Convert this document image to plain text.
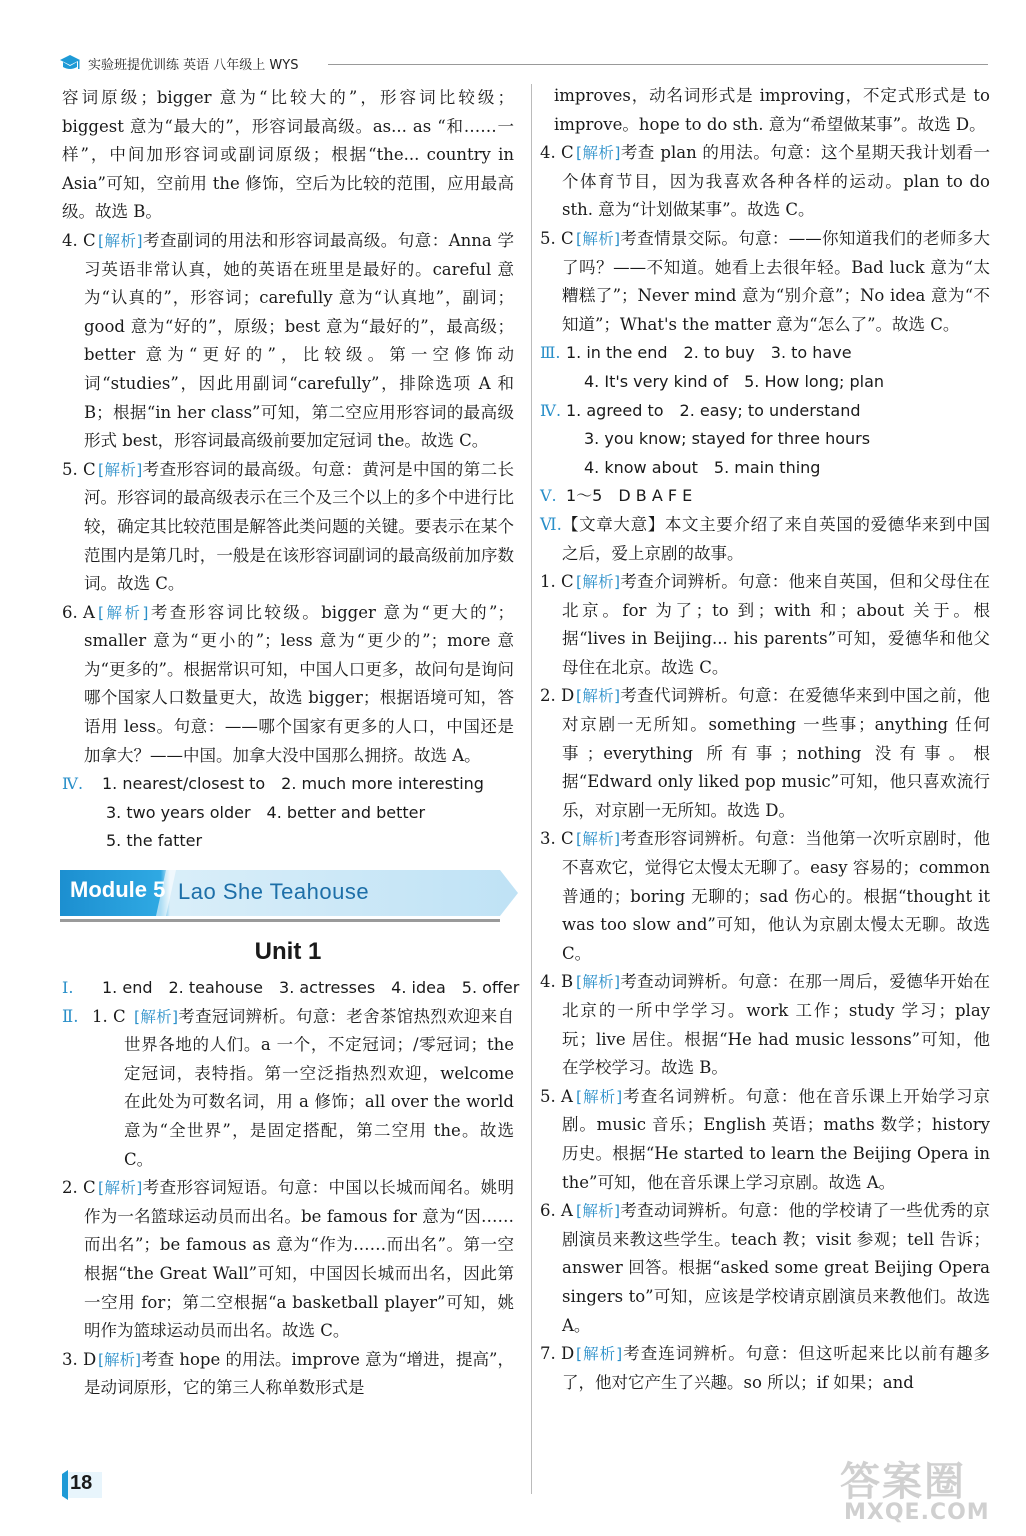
实验班提优训练 英语 八年级上 WYS

容词原级；bigger 意为“比较大的”，形容词比较级；biggest 意为“最大的”，形容词最高级。as... as “和……一样”，中间加形容词或副词原级；根据“the... country in Asia”可知，空前用 the 修饰，空后为比较的范围，应用最高级。故选 B。

4. C [解析]考查副词的用法和形容词最高级。句意：Anna 学习英语非常认真，她的英语在班里是最好的。careful 意为“认真的”，形容词；carefully 意为“认真地”，副词；good 意为“好的”，原级；best 意为“最好的”，最高级；better 意为“更好的”，比较级。第一空修饰动词“studies”，因此用副词“carefully”，排除选项 A 和 B；根据“in her class”可知，第二空应用形容词的最高级形式 best，形容词最高级前要加定冠词 the。故选 C。

5. C [解析]考查形容词的最高级。句意：黄河是中国的第二长河。形容词的最高级表示在三个及三个以上的多个中进行比较，确定其比较范围是解答此类问题的关键。要表示在某个范围内是第几时，一般是在该形容词副词的最高级前加序数词。故选 C。

6. A [解析]考查形容词比较级。bigger 意为“更大的”；smaller 意为“更小的”；less 意为“更少的”；more 意为“更多的”。根据常识可知，中国人口更多，故问句是询问哪个国家人口数量更大，故选 bigger；根据语境可知，答语用 less。句意：——哪个国家有更多的人口，中国还是加拿大？——中国。加拿大没中国那么拥挤。故选 A。

Ⅳ. 1. nearest/closest to　2. much more interesting
3. two years older　4. better and better
5. the fatter
Module 5 Lao She Teahouse
Unit 1
Ⅰ. 1. end　2. teahouse　3. actresses　4. idea　5. offer
Ⅱ. 1. C [解析]考查冠词辨析。句意：老舍茶馆热烈欢迎来自世界各地的人们。a 一个，不定冠词；/零冠词；the 定冠词，表特指。第一空泛指热烈欢迎，welcome 在此处为可数名词，用 a 修饰；all over the world 意为“全世界”，是固定搭配，第二空用 the。故选 C。

2. C [解析]考查形容词短语。句意：中国以长城而闻名。姚明作为一名篮球运动员而出名。be famous for 意为“因……而出名”；be famous as 意为“作为……而出名”。第一空根据“the Great Wall”可知，中国因长城而出名，因此第一空用 for；第二空根据“a basketball player”可知，姚明作为篮球运动员而出名。故选 C。

3. D [解析]考查 hope 的用法。improve 意为“增进，提高”，是动词原形，它的第三人称单数形式是

improves，动名词形式是 improving，不定式形式是 to improve。hope to do sth. 意为“希望做某事”。故选 D。

4. C [解析]考查 plan 的用法。句意：这个星期天我计划看一个体育节目，因为我喜欢各种各样的运动。plan to do sth. 意为“计划做某事”。故选 C。

5. C [解析]考查情景交际。句意：——你知道我们的老师多大了吗？——不知道。她看上去很年轻。Bad luck 意为“太糟糕了”；Never mind 意为“别介意”；No idea 意为“不知道”；What's the matter 意为“怎么了”。故选 C。

Ⅲ. 1. in the end　2. to buy　3. to have
4. It's very kind of　5. How long; plan
Ⅳ. 1. agreed to　2. easy; to understand
3. you know; stayed for three hours
4. know about　5. main thing
Ⅴ. 1～5　D B A F E

Ⅵ. 【文章大意】本文主要介绍了来自英国的爱德华来到中国之后，爱上京剧的故事。

1. C [解析]考查介词辨析。句意：他来自英国，但和父母住在北京。for 为了；to 到；with 和；about 关于。根据“lives in Beijing... his parents”可知，爱德华和他父母住在北京。故选 C。

2. D [解析]考查代词辨析。句意：在爱德华来到中国之前，他对京剧一无所知。something 一些事；anything 任何事；everything 所有事；nothing 没有事。根据“Edward only liked pop music”可知，他只喜欢流行乐，对京剧一无所知。故选 D。

3. C [解析]考查形容词辨析。句意：当他第一次听京剧时，他不喜欢它，觉得它太慢太无聊了。easy 容易的；common 普通的；boring 无聊的；sad 伤心的。根据“thought it was too slow and”可知，他认为京剧太慢太无聊。故选 C。

4. B [解析]考查动词辨析。句意：在那一周后，爱德华开始在北京的一所中学学习。work 工作；study 学习；play 玩；live 居住。根据“He had music lessons”可知，他在学校学习。故选 B。

5. A [解析]考查名词辨析。句意：他在音乐课上开始学习京剧。music 音乐；English 英语；maths 数学；history 历史。根据“He started to learn the Beijing Opera in the”可知，他在音乐课上学习京剧。故选 A。

6. A [解析]考查动词辨析。句意：他的学校请了一些优秀的京剧演员来教这些学生。teach 教；visit 参观；tell 告诉；answer 回答。根据“asked some great Beijing Opera singers to”可知，应该是学校请京剧演员来教他们。故选 A。

7. D [解析]考查连词辨析。句意：但这听起来比以前有趣多了，他对它产生了兴趣。so 所以；if 如果；and

18	答案圈
MXQE.COM
